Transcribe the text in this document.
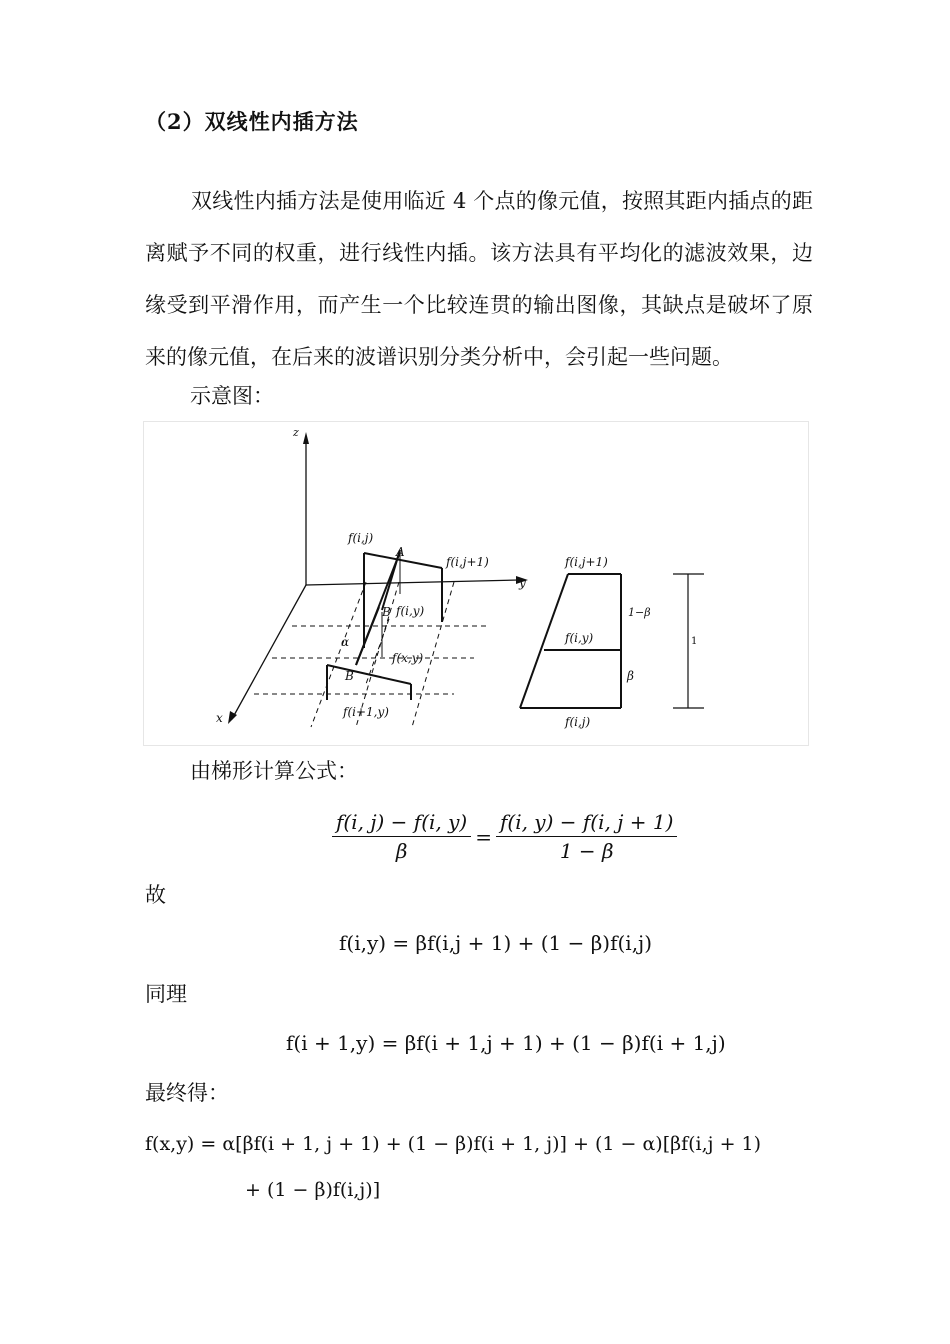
（2）双线性内插方法
双线性内插方法是使用临近 4 个点的像元值，按照其距内插点的距离赋予不同的权重，进行线性内插。该方法具有平均化的滤波效果，边缘受到平滑作用，而产生一个比较连贯的输出图像，其缺点是破坏了原来的像元值，在后来的波谱识别分类分析中，会引起一些问题。
示意图：
z
y
x
f(i,j)
f(i,j+1)
A
B f(i,y)
α
f(x,y)
B
f(i+1,y)
f(i,j+1)
f(i,y)
f(i,j)
1−β
β
1
由梯形计算公式：
$\frac{f(i, j) - f(i, y)}{\beta} = \frac{f(i, y) - f(i, j + 1)}{1 - \beta}$
故
f(i,y) = βf(i,j + 1) + (1 − β)f(i,j)
同理
f(i + 1,y) = βf(i + 1,j + 1) + (1 − β)f(i + 1,j)
最终得：
f(x,y) = α[βf(i + 1, j + 1) + (1 − β)f(i + 1, j)] + (1 − α)[βf(i,j + 1)
+ (1 − β)f(i,j)]
